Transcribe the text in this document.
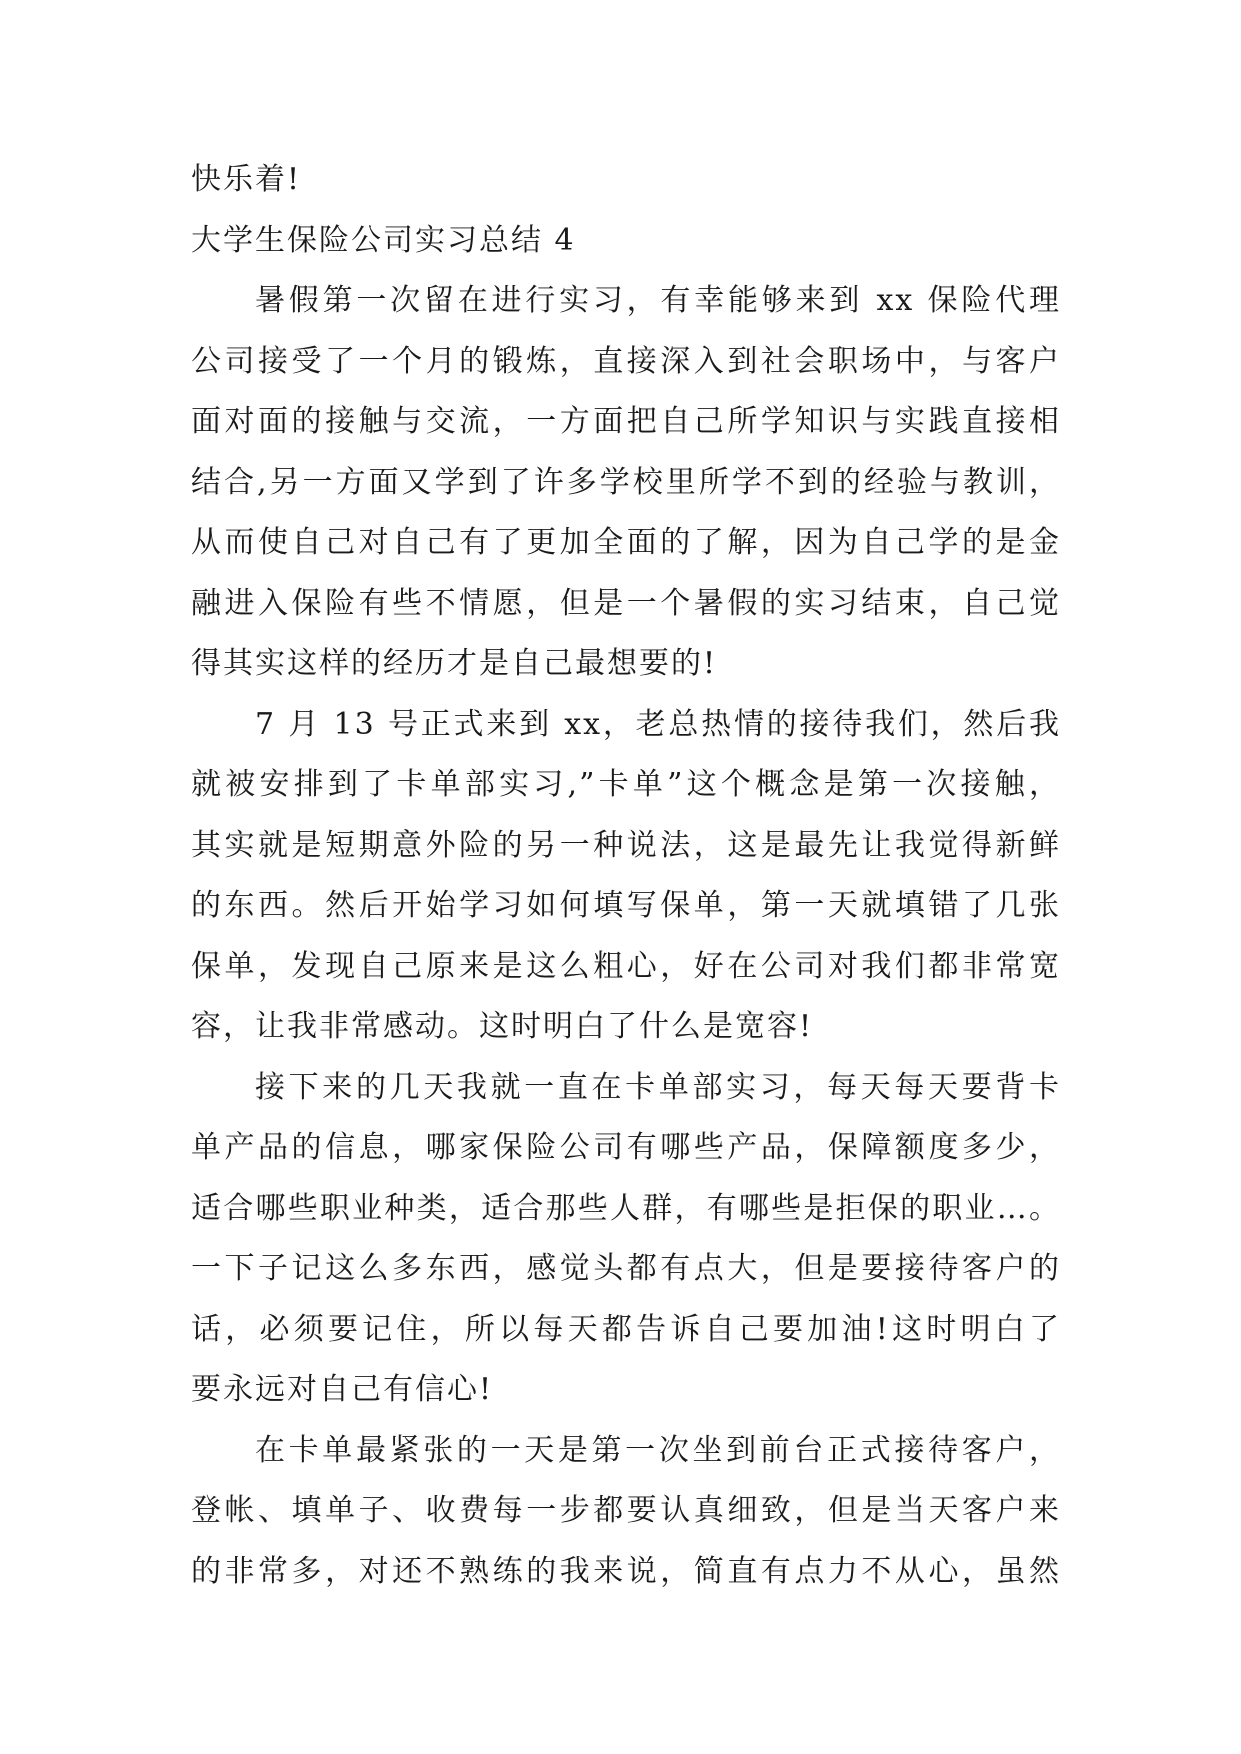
快乐着!
大学生保险公司实习总结 4
暑假第一次留在进行实习，有幸能够来到 xx 保险代理
公司接受了一个月的锻炼，直接深入到社会职场中，与客户
面对面的接触与交流，一方面把自己所学知识与实践直接相
结合,另一方面又学到了许多学校里所学不到的经验与教训，
从而使自己对自己有了更加全面的了解，因为自己学的是金
融进入保险有些不情愿，但是一个暑假的实习结束，自己觉
得其实这样的经历才是自己最想要的!
7 月 13 号正式来到 xx，老总热情的接待我们，然后我
就被安排到了卡单部实习,”卡单”这个概念是第一次接触，
其实就是短期意外险的另一种说法，这是最先让我觉得新鲜
的东西。然后开始学习如何填写保单，第一天就填错了几张
保单，发现自己原来是这么粗心，好在公司对我们都非常宽
容，让我非常感动。这时明白了什么是宽容!
接下来的几天我就一直在卡单部实习，每天每天要背卡
单产品的信息，哪家保险公司有哪些产品，保障额度多少，
适合哪些职业种类，适合那些人群，有哪些是拒保的职业…。
一下子记这么多东西，感觉头都有点大，但是要接待客户的
话，必须要记住，所以每天都告诉自己要加油!这时明白了
要永远对自己有信心!
在卡单最紧张的一天是第一次坐到前台正式接待客户，
登帐、填单子、收费每一步都要认真细致，但是当天客户来
的非常多，对还不熟练的我来说，简直有点力不从心，虽然
